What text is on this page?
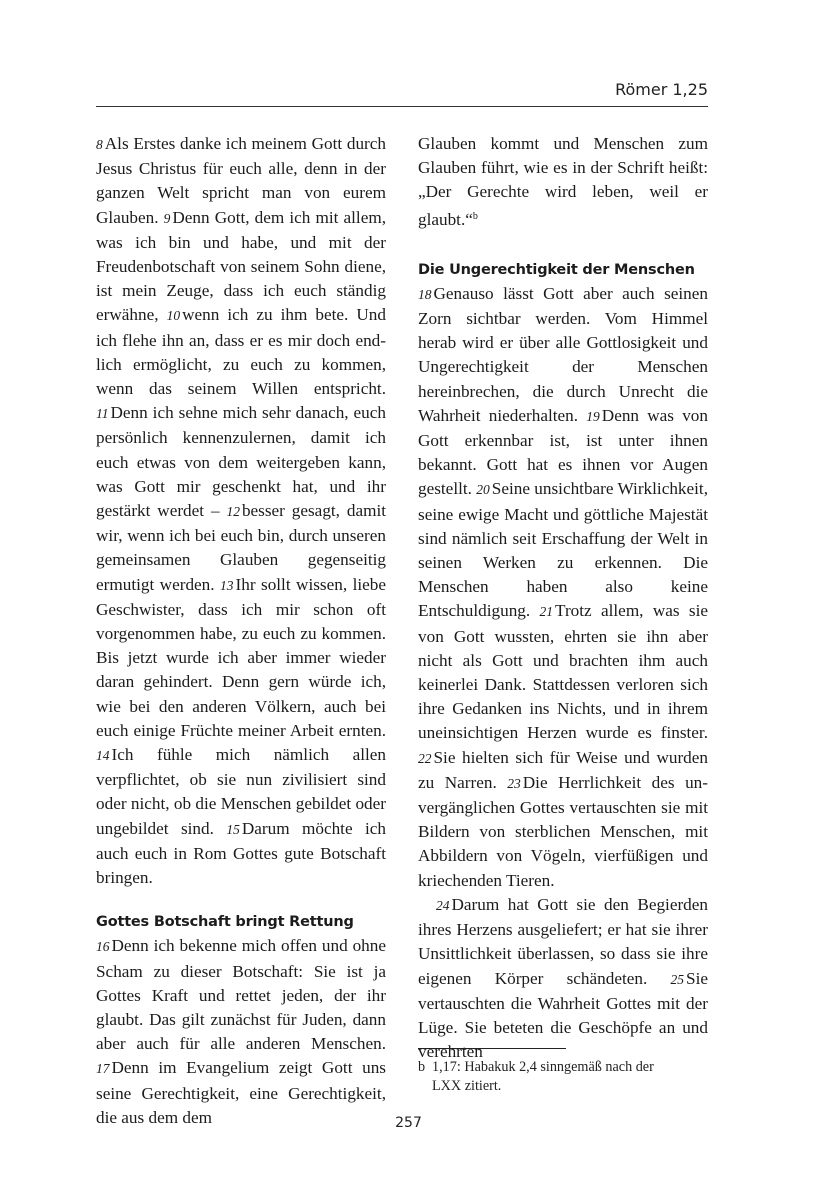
Römer 1,25

8 Als Erstes danke ich meinem Gott durch Jesus Christus für euch alle, denn in der ganzen Welt spricht man von eurem Glauben. 9 Denn Gott, dem ich mit allem, was ich bin und habe, und mit der Freudenbotschaft von seinem Sohn diene, ist mein Zeuge, dass ich euch ständig erwähne, 10 wenn ich zu ihm bete. Und ich flehe ihn an, dass er es mir doch endlich ermöglicht, zu euch zu kommen, wenn das seinem Willen entspricht. 11 Denn ich sehne mich sehr danach, euch persönlich kennenzulernen, damit ich euch etwas von dem weitergeben kann, was Gott mir geschenkt hat, und ihr gestärkt werdet – 12 besser gesagt, damit wir, wenn ich bei euch bin, durch unseren gemeinsamen Glauben gegenseitig ermutigt werden. 13 Ihr sollt wissen, liebe Geschwister, dass ich mir schon oft vorgenommen habe, zu euch zu kommen. Bis jetzt wurde ich aber immer wieder daran gehindert. Denn gern würde ich, wie bei den anderen Völkern, auch bei euch einige Früchte meiner Arbeit ernten. 14 Ich fühle mich nämlich allen verpflichtet, ob sie nun zivilisiert sind oder nicht, ob die Menschen gebildet oder ungebildet sind. 15 Darum möchte ich auch euch in Rom Gottes gute Botschaft bringen.

Gottes Botschaft bringt Rettung

16 Denn ich bekenne mich offen und ohne Scham zu dieser Botschaft: Sie ist ja Gottes Kraft und rettet jeden, der ihr glaubt. Das gilt zunächst für Juden, dann aber auch für alle anderen Menschen. 17 Denn im Evangelium zeigt Gott uns seine Gerechtigkeit, eine Gerechtigkeit, die aus dem dem

Glauben kommt und Menschen zum Glauben führt, wie es in der Schrift heißt: „Der Gerechte wird leben, weil er glaubt.“$^b$

Die Ungerechtigkeit der Menschen

18 Genauso lässt Gott aber auch seinen Zorn sichtbar werden. Vom Himmel herab wird er über alle Gottlosigkeit und Ungerechtigkeit der Menschen hereinbrechen, die durch Unrecht die Wahrheit niederhalten. 19 Denn was von Gott erkennbar ist, ist unter ihnen bekannt. Gott hat es ihnen vor Augen gestellt. 20 Seine unsichtbare Wirklichkeit, seine ewige Macht und göttliche Majestät sind nämlich seit Erschaffung der Welt in seinen Werken zu erkennen. Die Menschen haben also keine Entschuldigung. 21 Trotz allem, was sie von Gott wussten, ehrten sie ihn aber nicht als Gott und brachten ihm auch keinerlei Dank. Stattdessen verloren sich ihre Gedanken ins Nichts, und in ihrem uneinsichtigen Herzen wurde es finster. 22 Sie hielten sich für Weise und wurden zu Narren. 23 Die Herrlichkeit des unvergänglichen Gottes vertauschten sie mit Bildern von sterblichen Menschen, mit Abbildern von Vögeln, vierfüßigen und kriechenden Tieren.

24 Darum hat Gott sie den Begierden ihres Herzens ausgeliefert; er hat sie ihrer Unsittlichkeit überlassen, so dass sie ihre eigenen Körper schändeten. 25 Sie vertauschten die Wahrheit Gottes mit der Lüge. Sie beteten die Geschöpfe an und verehrten

b 1,17: Habakuk 2,4 sinngemäß nach der
LXX zitiert.
257
